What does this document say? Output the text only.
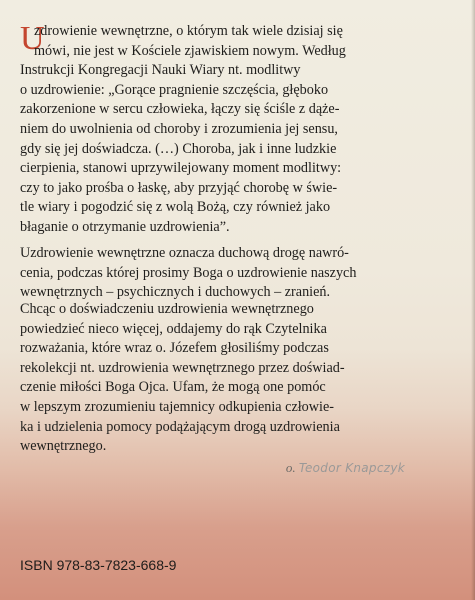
U
zdrowienie wewnętrzne, o którym tak wiele dzisiaj się
mówi, nie jest w Kościele zjawiskiem nowym. Według
Instrukcji Kongregacji Nauki Wiary nt. modlitwy
o uzdrowienie: „Gorące pragnienie szczęścia, głęboko
zakorzenione w sercu człowieka, łączy się ściśle z dąże-
niem do uwolnienia od choroby i zrozumienia jej sensu,
gdy się jej doświadcza. (…) Choroba, jak i inne ludzkie
cierpienia, stanowi uprzywilejowany moment modlitwy:
czy to jako prośba o łaskę, aby przyjąć chorobę w świe-
tle wiary i pogodzić się z wolą Bożą, czy również jako
błaganie o otrzymanie uzdrowienia”.
Uzdrowienie wewnętrzne oznacza duchową drogę nawró-
cenia, podczas której prosimy Boga o uzdrowienie naszych
wewnętrznych – psychicznych i duchowych – zranień.
Chcąc o doświadczeniu uzdrowienia wewnętrznego
powiedzieć nieco więcej, oddajemy do rąk Czytelnika
rozważania, które wraz o. Józefem głosiliśmy podczas
rekolekcji nt. uzdrowienia wewnętrznego przez doświad-
czenie miłości Boga Ojca. Ufam, że mogą one pomóc
w lepszym zrozumieniu tajemnicy odkupienia człowie-
ka i udzielenia pomocy podążającym drogą uzdrowienia
wewnętrznego.
o. Teodor Knapczyk
ISBN 978-83-7823-668-9
